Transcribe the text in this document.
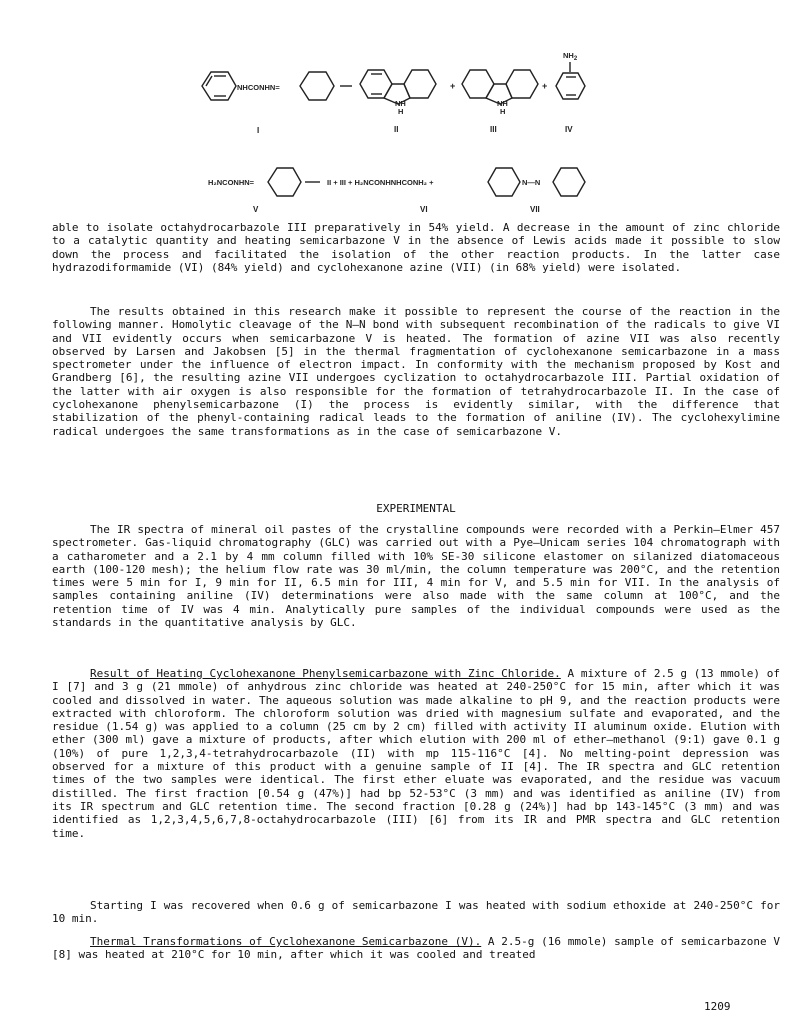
NHCONHN=
NH
H
+
NH
H
+
$NH_2$
I	II	III	IV
H₂NCONHN=	II + III + H₂NCONHNHCONH₂ +	N—N
V	VI	VII

able to isolate octahydrocarbazole III preparatively in 54% yield. A decrease in the amount of zinc chloride to a catalytic quantity and heating semicarbazone V in the absence of Lewis acids made it possible to slow down the process and facilitated the isolation of the other reaction products. In the latter case hydrazodiformamide (VI) (84% yield) and cyclohexanone azine (VII) (in 68% yield) were isolated.

The results obtained in this research make it possible to represent the course of the reaction in the following manner. Homolytic cleavage of the N—N bond with subsequent recombination of the radicals to give VI and VII evidently occurs when semicarbazone V is heated. The formation of azine VII was also recently observed by Larsen and Jakobsen [5] in the thermal fragmentation of cyclohexanone semicarbazone in a mass spectrometer under the influence of electron impact. In conformity with the mechanism proposed by Kost and Grandberg [6], the resulting azine VII undergoes cyclization to octahydrocarbazole III. Partial oxidation of the latter with air oxygen is also responsible for the formation of tetrahydrocarbazole II. In the case of cyclohexanone phenylsemicarbazone (I) the process is evidently similar, with the difference that stabilization of the phenyl-containing radical leads to the formation of aniline (IV). The cyclohexylimine radical undergoes the same transformations as in the case of semicarbazone V.

EXPERIMENTAL

The IR spectra of mineral oil pastes of the crystalline compounds were recorded with a Perkin—Elmer 457 spectrometer. Gas-liquid chromatography (GLC) was carried out with a Pye—Unicam series 104 chromatograph with a catharometer and a 2.1 by 4 mm column filled with 10% SE-30 silicone elastomer on silanized diatomaceous earth (100-120 mesh); the helium flow rate was 30 ml/min, the column temperature was 200°C, and the retention times were 5 min for I, 9 min for II, 6.5 min for III, 4 min for V, and 5.5 min for VII. In the analysis of samples containing aniline (IV) determinations were also made with the same column at 100°C, and the retention time of IV was 4 min. Analytically pure samples of the individual compounds were used as the standards in the quantitative analysis by GLC.

Result of Heating Cyclohexanone Phenylsemicarbazone with Zinc Chloride. A mixture of 2.5 g (13 mmole) of I [7] and 3 g (21 mmole) of anhydrous zinc chloride was heated at 240-250°C for 15 min, after which it was cooled and dissolved in water. The aqueous solution was made alkaline to pH 9, and the reaction products were extracted with chloroform. The chloroform solution was dried with magnesium sulfate and evaporated, and the residue (1.54 g) was applied to a column (25 cm by 2 cm) filled with activity II aluminum oxide. Elution with ether (300 ml) gave a mixture of products, after which elution with 200 ml of ether—methanol (9:1) gave 0.1 g (10%) of pure 1,2,3,4-tetrahydrocarbazole (II) with mp 115-116°C [4]. No melting-point depression was observed for a mixture of this product with a genuine sample of II [4]. The IR spectra and GLC retention times of the two samples were identical. The first ether eluate was evaporated, and the residue was vacuum distilled. The first fraction [0.54 g (47%)] had bp 52-53°C (3 mm) and was identified as aniline (IV) from its IR spectrum and GLC retention time. The second fraction [0.28 g (24%)] had bp 143-145°C (3 mm) and was identified as 1,2,3,4,5,6,7,8-octahydrocarbazole (III) [6] from its IR and PMR spectra and GLC retention time.

Starting I was recovered when 0.6 g of semicarbazone I was heated with sodium ethoxide at 240-250°C for 10 min.

Thermal Transformations of Cyclohexanone Semicarbazone (V). A 2.5-g (16 mmole) sample of semicarbazone V [8] was heated at 210°C for 10 min, after which it was cooled and treated

1209
